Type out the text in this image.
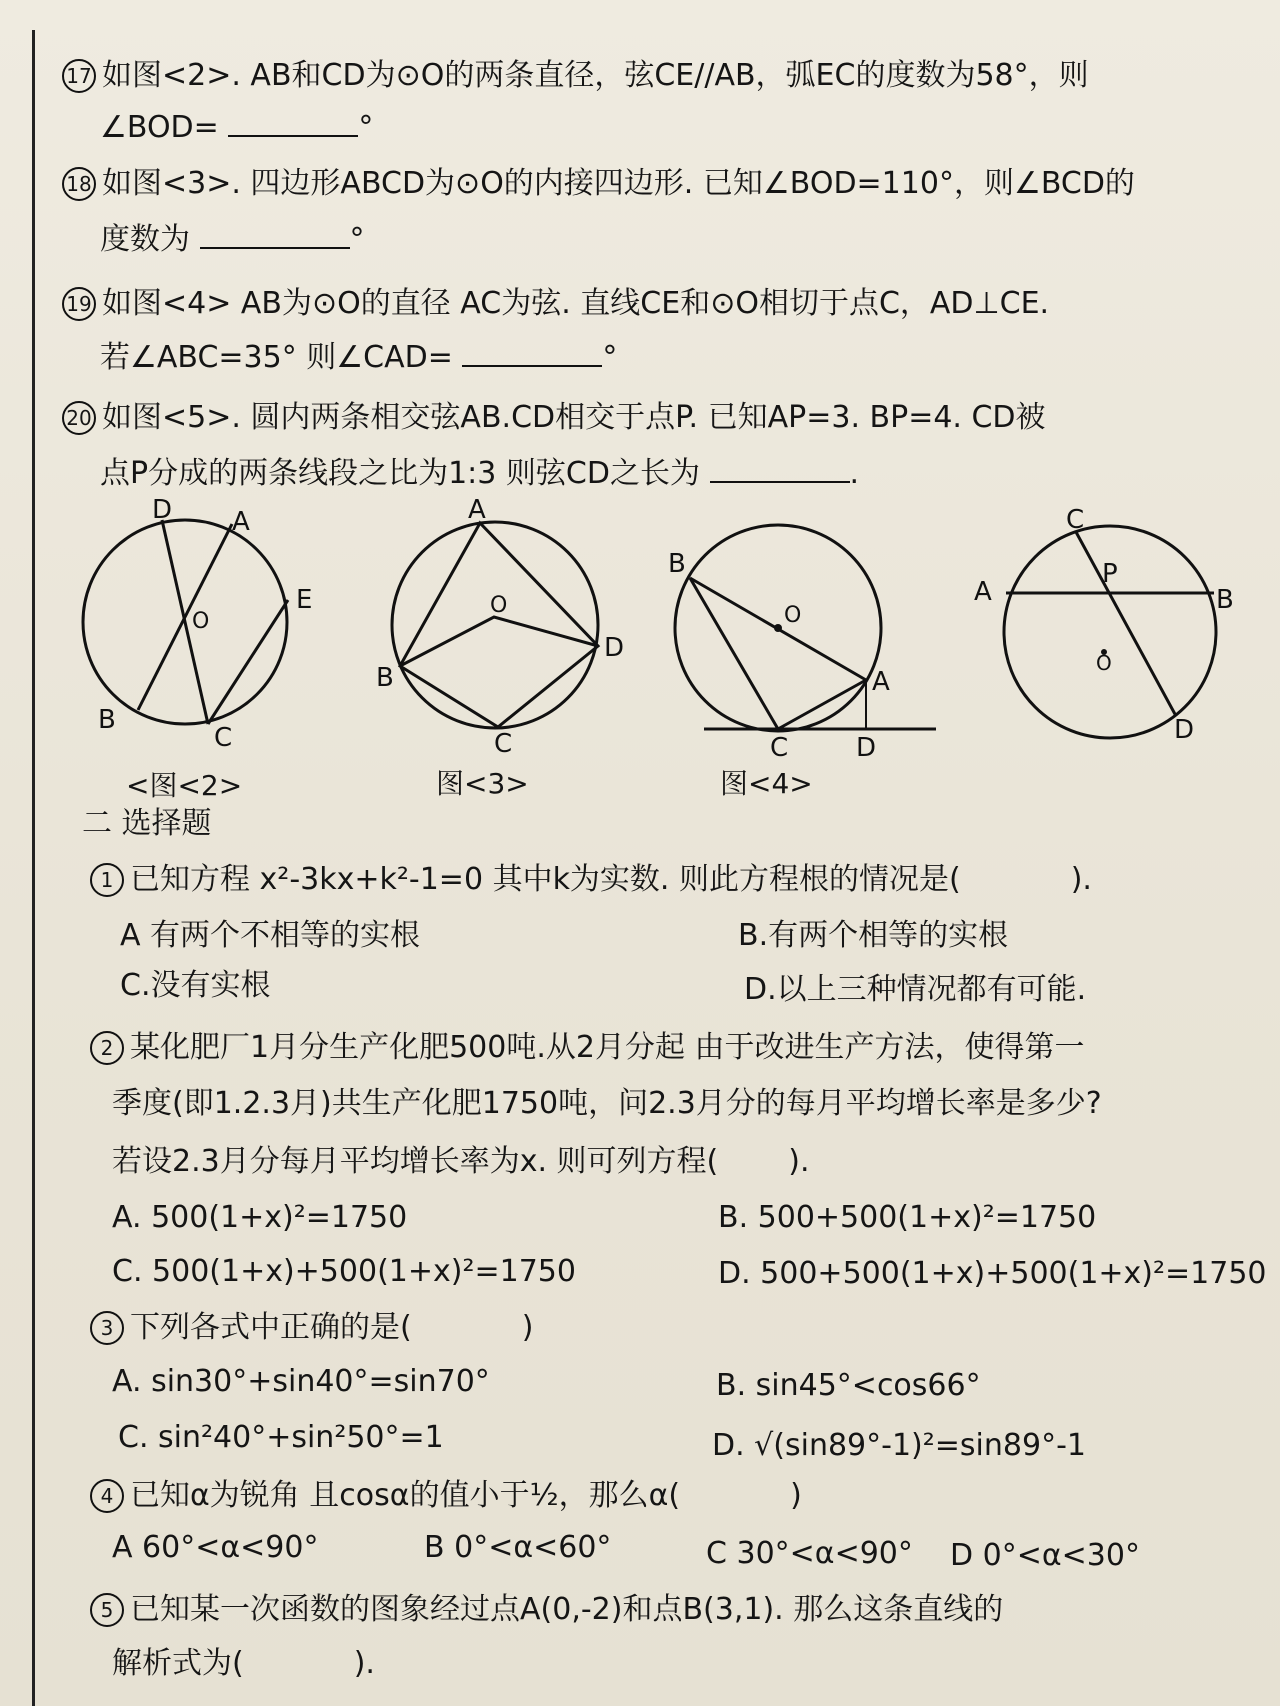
17 如图<2>. AB和CD为⊙O的两条直径，弦CE//AB，弧EC的度数为58°，则
∠BOD=	°
18 如图<3>. 四边形ABCD为⊙O的内接四边形. 已知∠BOD=110°，则∠BCD的
度数为	°
19 如图<4> AB为⊙O的直径 AC为弦. 直线CE和⊙O相切于点C，AD⊥CE.
若∠ABC=35° 则∠CAD=	°
20 如图<5>. 圆内两条相交弦AB.CD相交于点P. 已知AP=3. BP=4. CD被
点P分成的两条线段之比为1:3 则弦CD之长为	.
D A
E
O
B
C
A
O
D
B
C
B
O
A
C	D
C
P
A	B
O
D
<图<2>	图<3>	图<4>
二 选择题
1 已知方程 x²-3kx+k²-1=0 其中k为实数. 则此方程根的情况是(	).
A 有两个不相等的实根	B.有两个相等的实根
C.没有实根	D.以上三种情况都有可能.
2 某化肥厂1月分生产化肥500吨.从2月分起 由于改进生产方法，使得第一
季度(即1.2.3月)共生产化肥1750吨，问2.3月分的每月平均增长率是多少?
若设2.3月分每月平均增长率为x. 则可列方程( ).
A. 500(1+x)²=1750	B. 500+500(1+x)²=1750
C. 500(1+x)+500(1+x)²=1750	D. 500+500(1+x)+500(1+x)²=1750
3 下列各式中正确的是(	)
A. sin30°+sin40°=sin70°	B. sin45°<cos66°
C. sin²40°+sin²50°=1	D. √(sin89°-1)²=sin89°-1
4 已知α为锐角 且cosα的值小于½，那么α(	)
A 60°<α<90°	B 0°<α<60°	C 30°<α<90° D 0°<α<30°
5 已知某一次函数的图象经过点A(0,-2)和点B(3,1). 那么这条直线的
解析式为(	).
